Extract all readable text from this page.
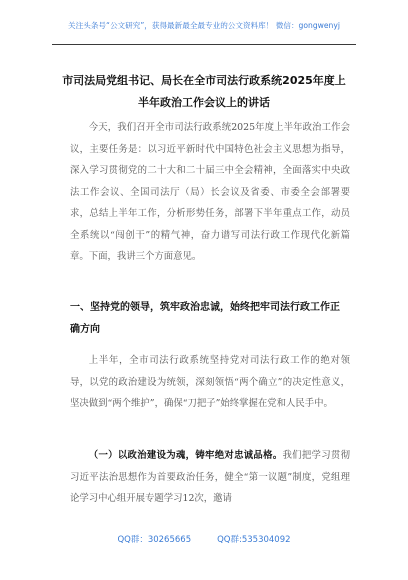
关注头条号“公文研究”，获得最新最全最专业的公文资料库！ 微信：gongwenyj
市司法局党组书记、局长在全市司法行政系统2025年度上
半年政治工作会议上的讲话
今天，我们召开全市司法行政系统2025年度上半年政治工作会议，主要任务是：以习近平新时代中国特色社会主义思想为指导，深入学习贯彻党的二十大和二十届三中全会精神，全面落实中央政法工作会议、全国司法厅（局）长会议及省委、市委全会部署要求，总结上半年工作，分析形势任务，部署下半年重点工作，动员全系统以“闯创干”的精气神，奋力谱写司法行政工作现代化新篇章。下面，我讲三个方面意见。
一、坚持党的领导，筑牢政治忠诚，始终把牢司法行政工作正确方向
上半年，全市司法行政系统坚持党对司法行政工作的绝对领导，以党的政治建设为统领，深刻领悟“两个确立”的决定性意义，坚决做到“两个维护”，确保“刀把子”始终掌握在党和人民手中。
（一）以政治建设为魂，铸牢绝对忠诚品格。我们把学习贯彻习近平法治思想作为首要政治任务，健全“第一议题”制度，党组理论学习中心组开展专题学习12次，邀请
QQ群：30265665	QQ群:535304092
